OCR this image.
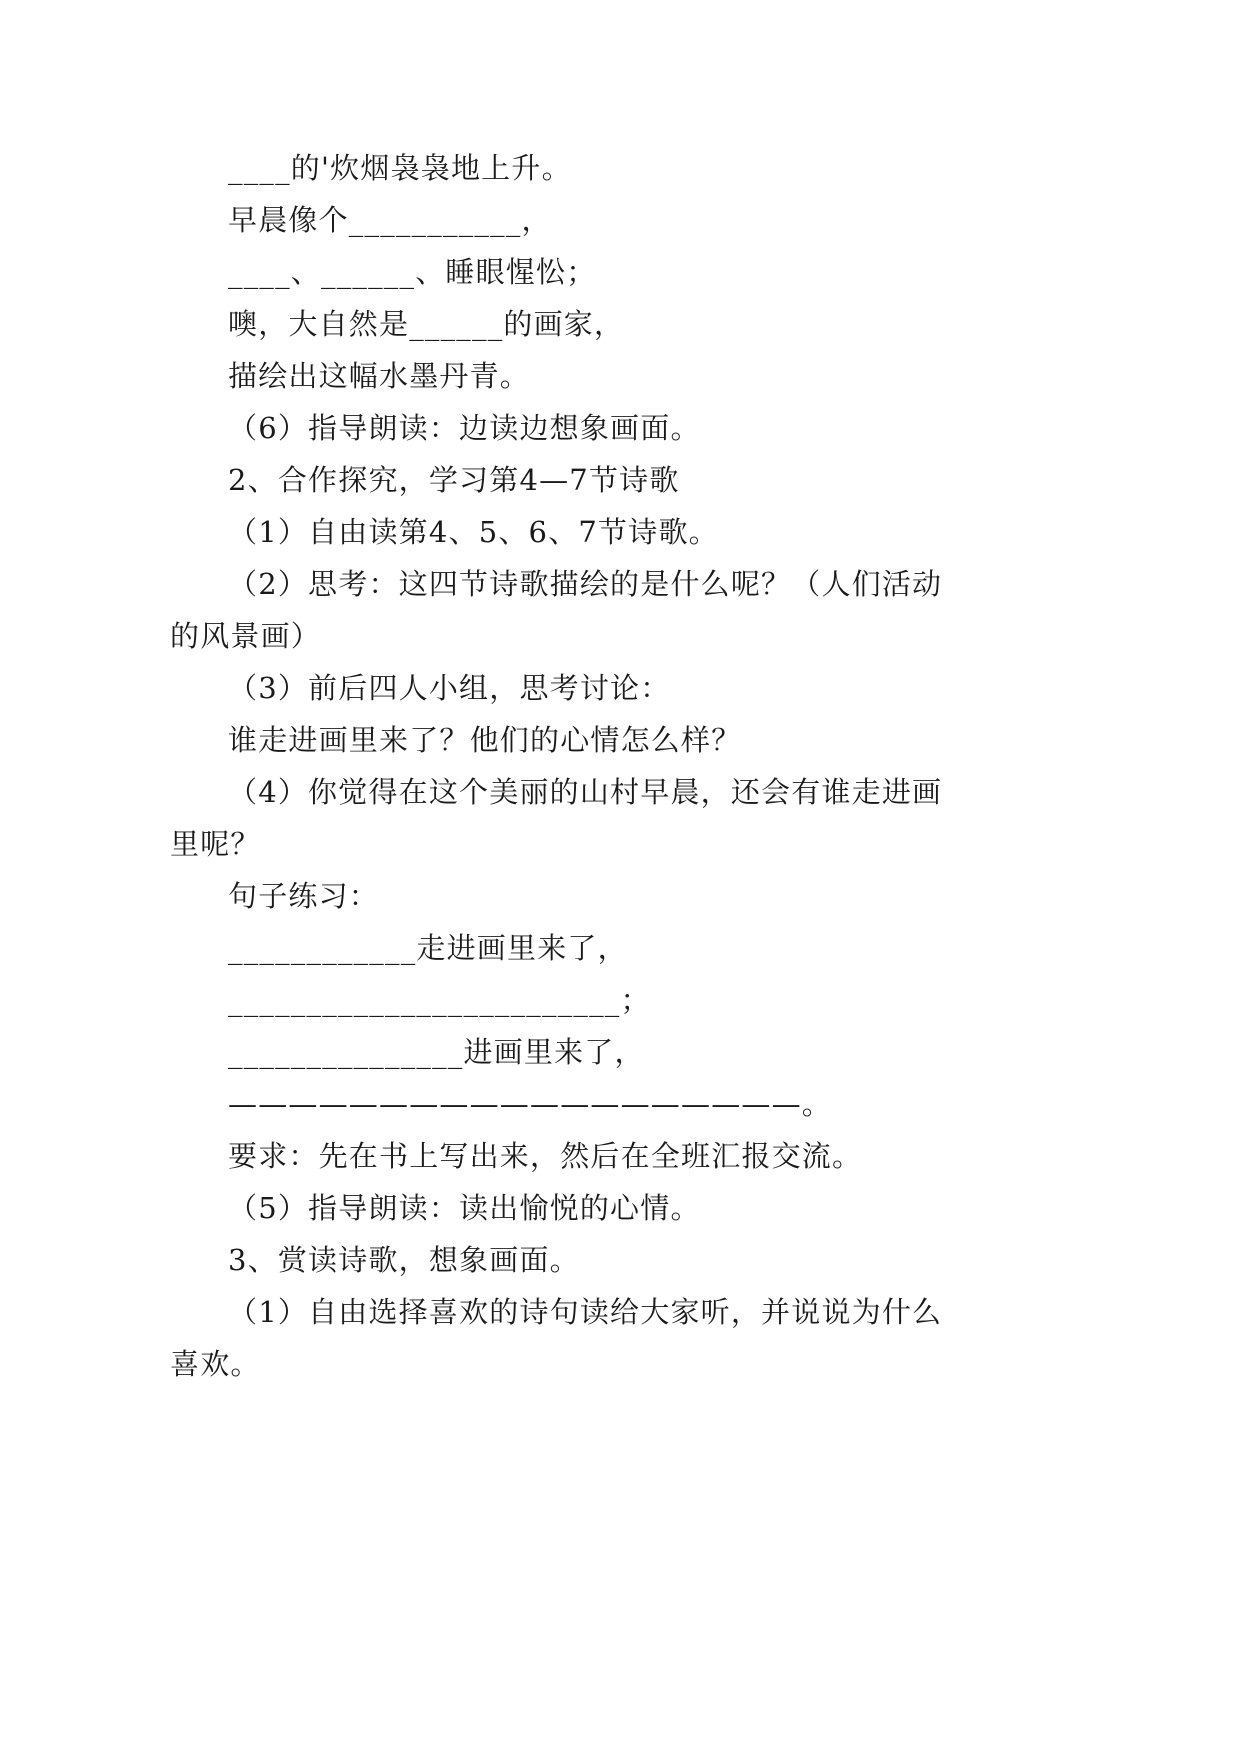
____的'炊烟袅袅地上升。
早晨像个___________，
____、______、睡眼惺忪；
噢，大自然是______的画家，
描绘出这幅水墨丹青。
（6）指导朗读：边读边想象画面。
2、合作探究，学习第4—7节诗歌
（1）自由读第4、5、6、7节诗歌。
（2）思考：这四节诗歌描绘的是什么呢？（人们活动
的风景画）
（3）前后四人小组，思考讨论：
谁走进画里来了？他们的心情怎么样？
（4）你觉得在这个美丽的山村早晨，还会有谁走进画
里呢？
句子练习：
____________走进画里来了，
_________________________；
_______________进画里来了，
———————————————————。
要求：先在书上写出来，然后在全班汇报交流。
（5）指导朗读：读出愉悦的心情。
3、赏读诗歌，想象画面。
（1）自由选择喜欢的诗句读给大家听，并说说为什么
喜欢。
